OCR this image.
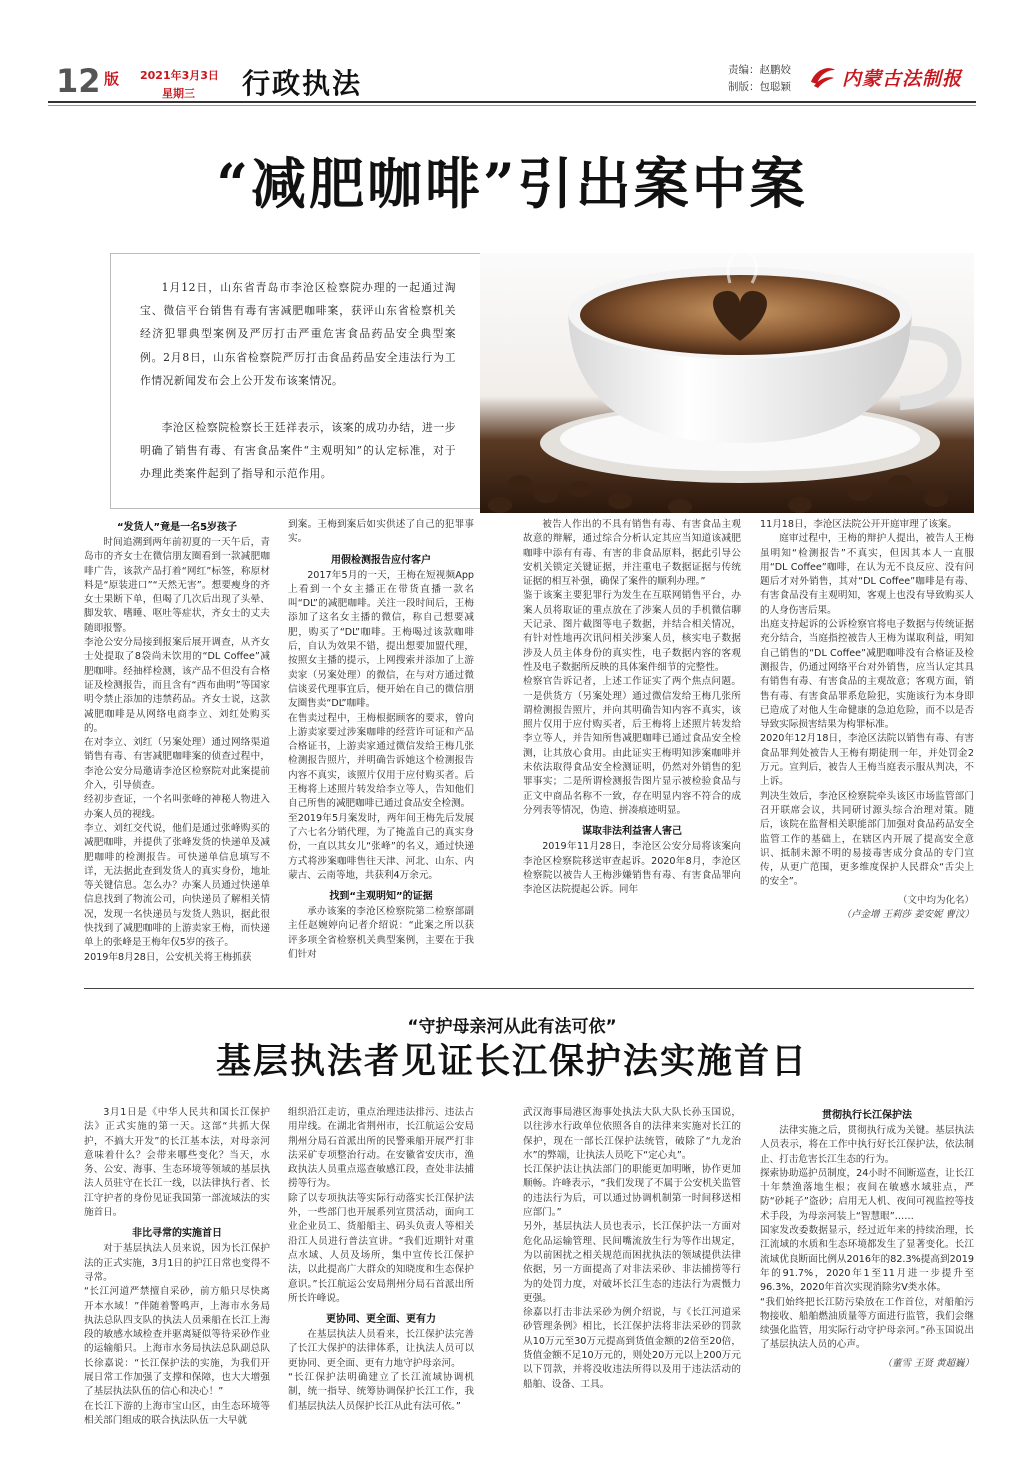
12 版 2021年3月3日
星期三 行政执法	责编：赵鹏姣
制版：包聪颖	内蒙古法制报
“减肥咖啡”引出案中案
1月12日，山东省青岛市李沧区检察院办理的一起通过淘宝、微信平台销售有毒有害减肥咖啡案，获评山东省检察机关经济犯罪典型案例及严厉打击严重危害食品药品安全典型案例。2月8日，山东省检察院严厉打击食品药品安全违法行为工作情况新闻发布会上公开发布该案情况。
李沧区检察院检察长王廷祥表示，该案的成功办结，进一步明确了销售有毒、有害食品案件“主观明知”的认定标准，对于办理此类案件起到了指导和示范作用。
“发货人”竟是一名5岁孩子
时间追溯到两年前初夏的一天午后，青岛市的齐女士在微信朋友圈看到一款减肥咖啡广告，该款产品打着“网红”标签，称原材料是“原装进口”“天然无害”。想要瘦身的齐女士果断下单，但喝了几次后出现了头晕、脚发软、嗜睡、呕吐等症状，齐女士的丈夫随即报警。
李沧公安分局接到报案后展开调查，从齐女士处提取了8袋尚未饮用的“DL Coffee”减肥咖啡。经抽样检测，该产品不但没有合格证及检测报告，而且含有“西布曲明”等国家明令禁止添加的违禁药品。齐女士说，这款减肥咖啡是从网络电商李立、刘红处购买的。
在对李立、刘红（另案处理）通过网络渠道销售有毒、有害减肥咖啡案的侦查过程中，李沧公安分局邀请李沧区检察院对此案提前介入，引导侦查。
经初步查证，一个名叫张峰的神秘人物进入办案人员的视线。
李立、刘红交代说，他们是通过张峰购买的减肥咖啡，并提供了张峰发货的快递单及减肥咖啡的检测报告。可快递单信息填写不详，无法据此查到发货人的真实身份，地址等关键信息。怎么办？办案人员通过快递单信息找到了物流公司，向快递员了解相关情况，发现一名快递员与发货人熟识，据此很快找到了减肥咖啡的上游卖家王梅，而快递单上的张峰是王梅年仅5岁的孩子。
2019年8月28日，公安机关将王梅抓获
到案。王梅到案后如实供述了自己的犯罪事实。
用假检测报告应付客户
2017年5月的一天，王梅在短视频App上看到一个女主播正在带货直播一款名叫“DL”的减肥咖啡。关注一段时间后，王梅添加了这名女主播的微信，称自己想要减肥，购买了“DL”咖啡。王梅喝过该款咖啡后，自认为效果不错，提出想要加盟代理，按照女主播的提示，上网搜索并添加了上游卖家（另案处理）的微信，在与对方通过微信谈妥代理事宜后，便开始在自己的微信朋友圈售卖“DL”咖啡。
在售卖过程中，王梅根据顾客的要求，曾向上游卖家要过涉案咖啡的经营许可证和产品合格证书，上游卖家通过微信发给王梅几张检测报告照片，并明确告诉她这个检测报告内容不真实，该照片仅用于应付购买者。后王梅将上述照片转发给李立等人，告知他们自己所售的减肥咖啡已通过食品安全检测。
至2019年5月案发时，两年间王梅先后发展了六七名分销代理，为了掩盖自己的真实身份，一直以其女儿“张峰”的名义，通过快递方式将涉案咖啡售往天津、河北、山东、内蒙古、云南等地，共获利4万余元。
找到“主观明知”的证据
承办该案的李沧区检察院第二检察部副主任赵婉婷向记者介绍说：“此案之所以获评多项全省检察机关典型案例，主要在于我们针对
被告人作出的不具有销售有毒、有害食品主观故意的辩解，通过综合分析认定其应当知道该减肥咖啡中添有有毒、有害的非食品原料，据此引导公安机关锁定关键证据，并注重电子数据证据与传统证据的相互补强，确保了案件的顺利办理。”
鉴于该案主要犯罪行为发生在互联网销售平台，办案人员将取证的重点放在了涉案人员的手机微信聊天记录、图片截图等电子数据，并结合相关情况，有针对性地再次讯问相关涉案人员，核实电子数据涉及人员主体身份的真实性，电子数据内容的客观性及电子数据所反映的具体案件细节的完整性。
检察官告诉记者，上述工作证实了两个焦点问题。一是供货方（另案处理）通过微信发给王梅几张所谓检测报告照片，并向其明确告知内容不真实，该照片仅用于应付购买者，后王梅将上述照片转发给李立等人，并告知所售减肥咖啡已通过食品安全检测，让其放心食用。由此证实王梅明知涉案咖啡并未依法取得食品安全检测证明，仍然对外销售的犯罪事实；二是所谓检测报告图片显示被检验食品与正文中商品名称不一致，存在明显内容不符合的成分列表等情况，伪造、拼凑痕迹明显。
谋取非法利益害人害己
2019年11月28日，李沧区公安分局将该案向李沧区检察院移送审查起诉。2020年8月，李沧区检察院以被告人王梅涉嫌销售有毒、有害食品罪向李沧区法院提起公诉。同年
11月18日，李沧区法院公开开庭审理了该案。
庭审过程中，王梅的辩护人提出，被告人王梅虽明知“检测报告”不真实，但因其本人一直服用“DL Coffee”咖啡，在认为无不良反应、没有问题后才对外销售，其对“DL Coffee”咖啡是有毒、有害食品没有主观明知，客观上也没有导致购买人的人身伤害后果。
出庭支持起诉的公诉检察官将电子数据与传统证据充分结合，当庭指控被告人王梅为谋取利益，明知自己销售的“DL Coffee”减肥咖啡没有合格证及检测报告，仍通过网络平台对外销售，应当认定其具有销售有毒、有害食品的主观故意；客观方面，销售有毒、有害食品罪系危险犯，实施该行为本身即已造成了对他人生命健康的急迫危险，而不以是否导致实际损害结果为构罪标准。
2020年12月18日，李沧区法院以销售有毒、有害食品罪判处被告人王梅有期徒刑一年，并处罚金2万元。宣判后，被告人王梅当庭表示服从判决，不上诉。
判决生效后，李沧区检察院牵头该区市场监管部门召开联席会议，共同研讨源头综合治理对策。随后，该院在监督相关职能部门加强对食品药品安全监管工作的基础上，在辖区内开展了提高安全意识、抵制未源不明的易接毒害成分食品的专门宣传，从更广范围，更多维度保护人民群众“舌尖上的安全”。
（文中均为化名）
（卢金增 王莉莎 姜安妮 曹汶）
“守护母亲河从此有法可依”
基层执法者见证长江保护法实施首日
3月1日是《中华人民共和国长江保护法》正式实施的第一天。这部“共抓大保护，不搞大开发”的长江基本法，对母亲河意味着什么？会带来哪些变化？当天，水务、公安、海事、生态环境等领域的基层执法人员驻守在长江一线，以法律执行者、长江守护者的身份见证我国第一部流域法的实施首日。
非比寻常的实施首日
对于基层执法人员来说，因为长江保护法的正式实施，3月1日的护江日常也变得不寻常。
“长江河道严禁擅自采砂，前方船只尽快离开本水域！”伴随着警鸣声，上海市水务局执法总队四支队的执法人员乘船在长江上海段的敏感水域检查并驱离疑似等待采砂作业的运输船只。上海市水务局执法总队副总队长徐嘉说：“长江保护法的实施，为我们开展日常工作加强了支撑和保障，也大大增强了基层执法队伍的信心和决心！”
在长江下游的上海市宝山区，由生态环境等相关部门组成的联合执法队伍一大早就
组织沿江走访，重点治理违法排污、违法占用岸线。在湖北省荆州市，长江航运公安局荆州分局石首派出所的民警乘船开展严打非法采矿专项整治行动。在安徽省安庆市，渔政执法人员重点巡查敏感江段，查处非法捕捞等行为。
除了以专项执法等实际行动落实长江保护法外，一些部门也开展系列宣贯活动，面向工业企业员工、货船船主、码头负责人等相关沿江人员进行普法宣讲。“我们近期针对重点水域、人员及场所，集中宣传长江保护法，以此提高广大群众的知晓度和生态保护意识。”长江航运公安局荆州分局石首派出所所长许峰说。
更协同、更全面、更有力
在基层执法人员看来，长江保护法完善了长江大保护的法律体系，让执法人员可以更协同、更全面、更有力地守护母亲河。
“长江保护法明确建立了长江流域协调机制，统一指导、统筹协调保护长江工作，我们基层执法人员保护长江从此有法可依。”
武汉海事局港区海事处执法大队大队长孙玉国说，以往涉水行政单位依照各自的法律来实施对长江的保护，现在一部长江保护法统管，破除了“九龙治水”的弊端，让执法人员吃下“定心丸”。
长江保护法让执法部门的职能更加明晰，协作更加顺畅。许峰表示，“我们发现了不属于公安机关监管的违法行为后，可以通过协调机制第一时间移送相应部门。”
另外，基层执法人员也表示，长江保护法一方面对危化品运输管理、民间嘴流放生行为等作出规定，为以前困扰之相关规范而困扰执法的领域提供法律依据，另一方面提高了对非法采砂、非法捕捞等行为的处罚力度，对破坏长江生态的违法行为震慑力更强。
徐嘉以打击非法采砂为例介绍说，与《长江河道采砂管理条例》相比，长江保护法将非法采砂的罚款从10万元至30万元提高到货值金额的2倍至20倍，货值金额不足10万元的，则处20万元以上200万元以下罚款，并将没收违法所得以及用于违法活动的船舶、设备、工具。
贯彻执行长江保护法
法律实施之后，贯彻执行成为关键。基层执法人员表示，将在工作中执行好长江保护法，依法制止、打击危害长江生态的行为。
探索协助巡护员制度，24小时不间断巡查，让长江十年禁渔落地生根；夜间在敏感水域驻点，严防“砂耗子”盗砂；启用无人机、夜间可视监控等技术手段，为母亲河装上“智慧眼”……
国家发改委数据显示，经过近年来的持续治理，长江流域的水质和生态环境都发生了显著变化。长江流域优良断面比例从2016年的82.3%提高到2019年的91.7%，2020年1至11月进一步提升至96.3%，2020年首次实现消除劣V类水体。
“我们始终把长江防污染放在工作首位，对船舶污物接收、船舶燃油质量等方面进行监管，我们会继续强化监管，用实际行动守护母亲河。”孙玉国说出了基层执法人员的心声。
（董雪 王贤 黄超巍）
